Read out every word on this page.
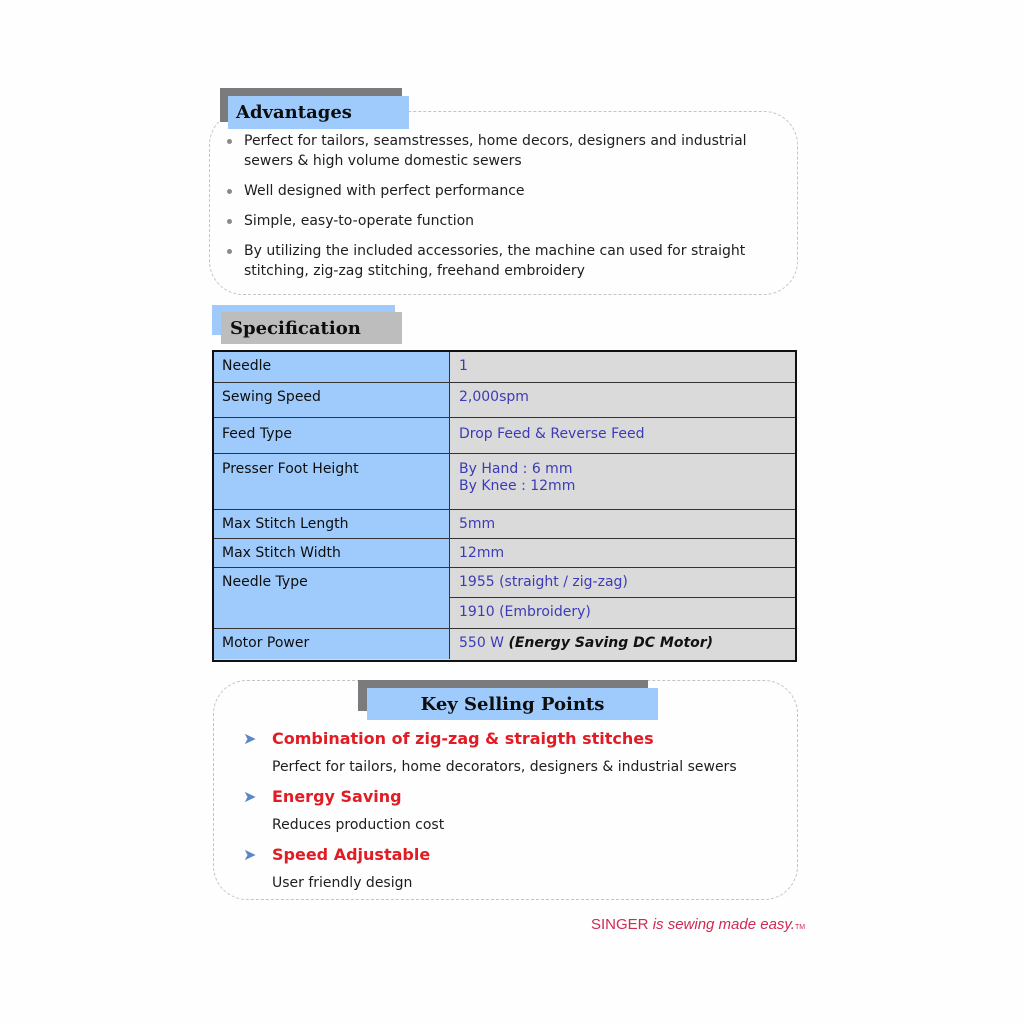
Advantages
Perfect for tailors, seamstresses, home decors, designers and industrial sewers & high volume domestic sewers
Well designed with perfect performance
Simple, easy-to-operate function
By utilizing the included accessories, the machine can used for straight stitching, zig-zag stitching, freehand embroidery
Specification
Needle	1
Sewing Speed	2,000spm
Feed Type	Drop Feed & Reverse Feed
Presser Foot Height	By Hand : 6 mm
By Knee : 12mm
Max Stitch Length	5mm
Max Stitch Width	12mm
Needle Type	1955 (straight / zig-zag)
1910 (Embroidery)
Motor Power	550 W (Energy Saving DC Motor)
Key Selling Points
➤ Combination of zig-zag & straigth stitches
Perfect for tailors, home decorators, designers & industrial sewers
➤ Energy Saving
Reduces production cost
➤ Speed Adjustable
User friendly design
SINGER is sewing made easy.TM
